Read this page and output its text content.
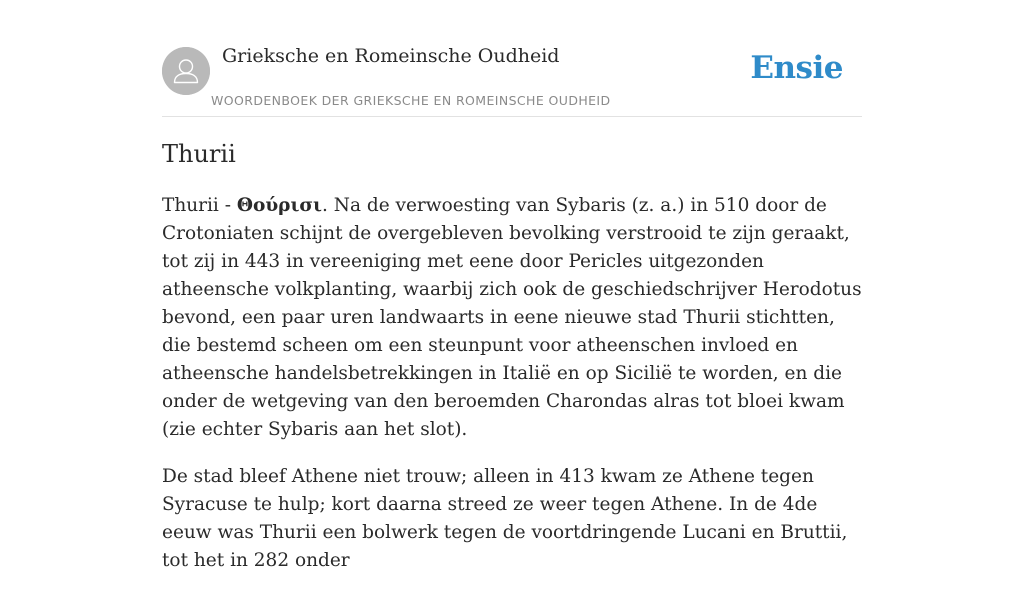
Grieksche en Romeinsche Oudheid
WOORDENBOEK DER GRIEKSCHE EN ROMEINSCHE OUDHEID
Ensie
Thurii

Thurii - Θούρισι. Na de verwoesting van Sybaris (z. a.) in 510 door de Crotoniaten schijnt de overgebleven bevolking verstrooid te zijn geraakt, tot zij in 443 in vereeniging met eene door Pericles uitgezonden atheensche volkplanting, waarbij zich ook de geschiedschrijver Herodotus bevond, een paar uren landwaarts in eene nieuwe stad Thurii stichtten, die bestemd scheen om een steunpunt voor atheenschen invloed en atheensche handelsbetrekkingen in Italië en op Sicilië te worden, en die onder de wetgeving van den beroemden Charondas alras tot bloei kwam (zie echter Sybaris aan het slot).

De stad bleef Athene niet trouw; alleen in 413 kwam ze Athene tegen Syracuse te hulp; kort daarna streed ze weer tegen Athene. In de 4de eeuw was Thurii een bolwerk tegen de voortdringende Lucani en Bruttii, tot het in 282 onder
